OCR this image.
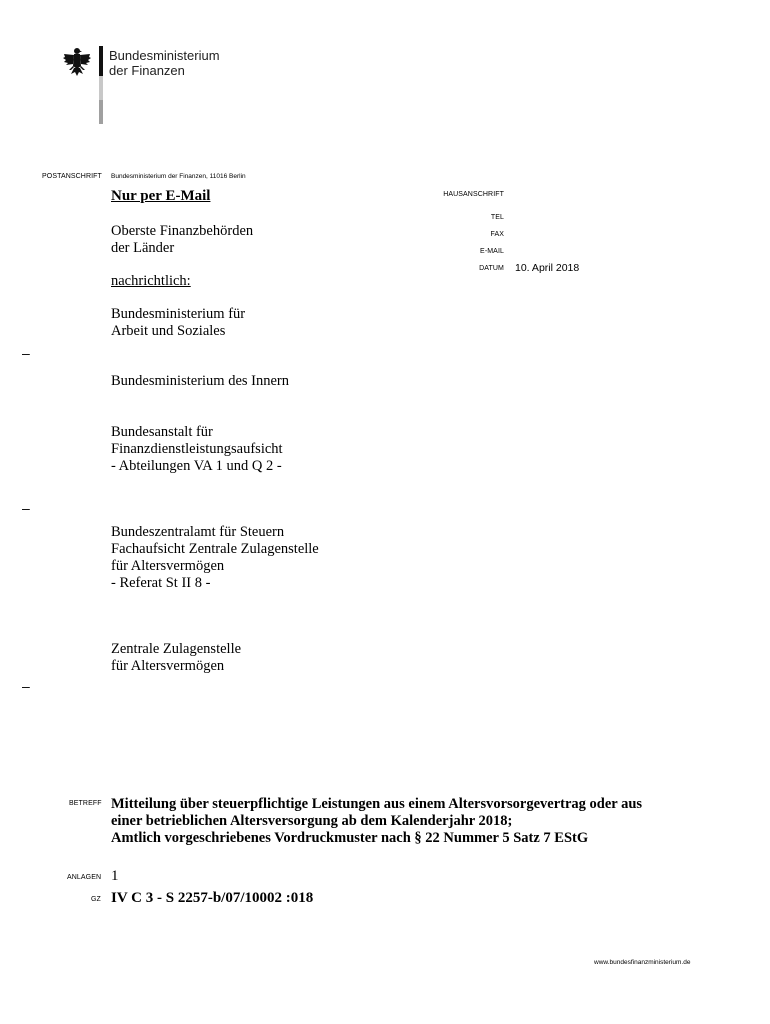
Bundesministerium
der Finanzen
POSTANSCHRIFT Bundesministerium der Finanzen, 11016 Berlin
Nur per E-Mail
Oberste Finanzbehörden
der Länder
nachrichtlich:
Bundesministerium für
Arbeit und Soziales
–
Bundesministerium des Innern
Bundesanstalt für
Finanzdienstleistungsaufsicht
- Abteilungen VA 1 und Q 2 -
–
Bundeszentralamt für Steuern
Fachaufsicht Zentrale Zulagenstelle
für Altersvermögen
- Referat St II 8 -
Zentrale Zulagenstelle
für Altersvermögen
–
HAUSANSCHRIFT
TEL
FAX
E-MAIL
DATUM 10. April 2018
BETREFF Mitteilung über steuerpflichtige Leistungen aus einem Altersvorsorgevertrag oder aus
einer betrieblichen Altersversorgung ab dem Kalenderjahr 2018;
Amtlich vorgeschriebenes Vordruckmuster nach § 22 Nummer 5 Satz 7 EStG
ANLAGEN 1
GZ IV C 3 - S 2257-b/07/10002 :018
www.bundesfinanzministerium.de
